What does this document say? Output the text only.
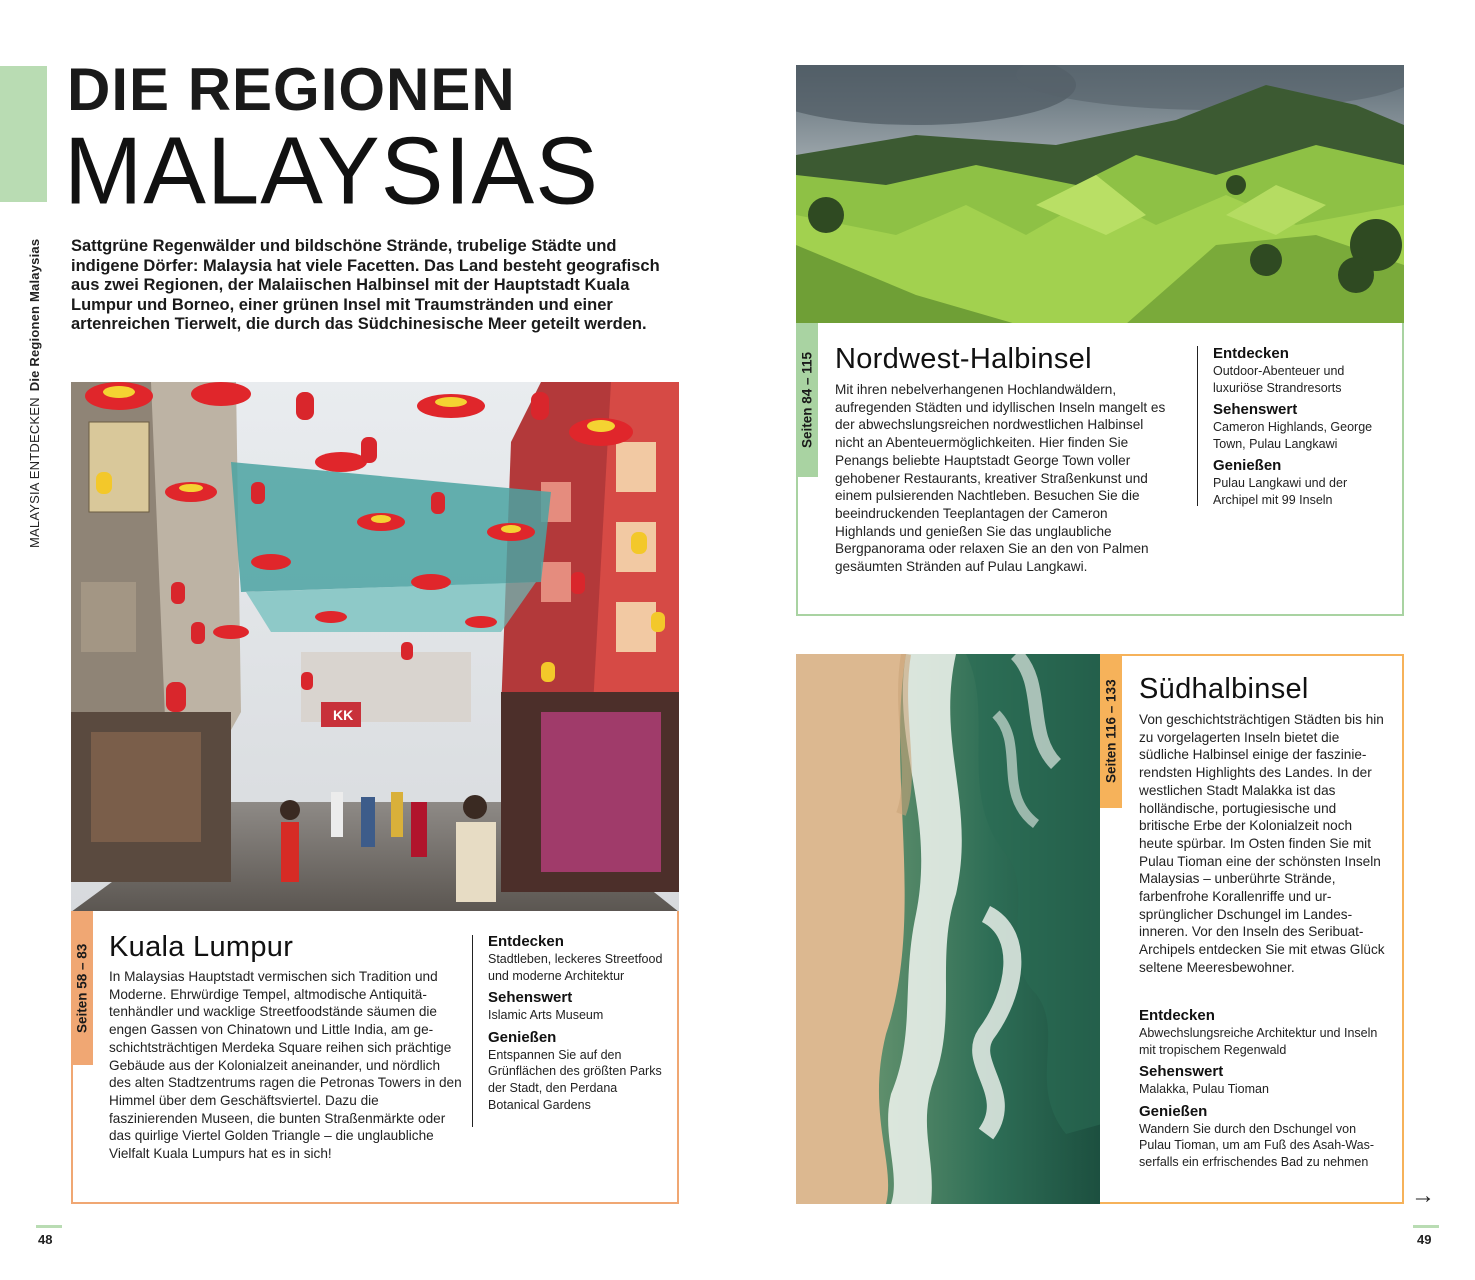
MALAYSIA ENTDECKENDie Regionen Malaysias
DIE REGIONEN
MALAYSIAS
Sattgrüne Regenwälder und bildschöne Strände, trubelige Städte und indigene Dörfer: Malaysia hat viele Facetten. Das Land besteht geografisch aus zwei Regionen, der Malaiischen Halbinsel mit der Hauptstadt Kuala Lumpur und Borneo, einer grünen Insel mit Traumstränden und einer artenreichen Tierwelt, die durch das Südchinesische Meer geteilt werden.
KK
Seiten 58 – 83 Kuala Lumpur
In Malaysias Hauptstadt vermischen sich Tradition und Moderne. Ehrwürdige Tempel, altmodische Antiquitätenhändler und wacklige Streetfoodstände säumen die engen Gassen von Chinatown und Little India, am geschichtsträchtigen Merdeka Square reihen sich prächtige Gebäude aus der Kolonialzeit aneinander, und nördlich des alten Stadtzentrums ragen die Petronas Towers in den Himmel über dem Geschäftsviertel. Dazu die faszinierenden Museen, die bunten Straßenmärkte oder das quirlige Viertel Golden Triangle – die unglaubliche Vielfalt Kuala Lumpurs hat es in sich!
Entdecken
Stadtleben, leckeres Streetfood und moderne Architektur
Sehenswert
Islamic Arts Museum
Genießen
Entspannen Sie auf den Grünflächen des größten Parks der Stadt, den Perdana Botanical Gardens
Seiten 84 – 115 Nordwest-Halbinsel
Mit ihren nebelverhangenen Hochlandwäldern, aufregenden Städten und idyllischen Inseln mangelt es der abwechslungsreichen nordwestlichen Halbinsel nicht an Abenteuermöglichkeiten. Hier finden Sie Penangs beliebte Hauptstadt George Town voller gehobener Restaurants, kreativer Straßenkunst und einem pulsierenden Nachtleben. Besuchen Sie die beeindruckenden Teeplantagen der Cameron Highlands und genießen Sie das unglaubliche Bergpanorama oder relaxen Sie an den von Palmen gesäumten Stränden auf Pulau Langkawi.
Entdecken
Outdoor-Abenteuer und luxuriöse Strandresorts
Sehenswert
Cameron Highlands, George Town, Pulau Langkawi
Genießen
Pulau Langkawi und der Archipel mit 99 Inseln
Seiten 116 – 133 Südhalbinsel
Von geschichtsträchtigen Städten bis hin zu vorgelagerten Inseln bietet die südliche Halbinsel einige der faszinierendsten Highlights des Landes. In der westlichen Stadt Malakka ist das holländische, portugiesische und britische Erbe der Kolonialzeit noch heute spürbar. Im Osten finden Sie mit Pulau Tioman eine der schönsten Inseln Malaysias – unberührte Strände, farbenfrohe Korallenriffe und ursprünglicher Dschungel im Landesinneren. Vor den Inseln des Seribuat-Archipels entdecken Sie mit etwas Glück seltene Meeresbewohner.
Entdecken
Abwechslungsreiche Architektur und Inseln mit tropischem Regenwald
Sehenswert
Malakka, Pulau Tioman
Genießen
Wandern Sie durch den Dschungel von Pulau Tioman, um am Fuß des Asah-Wasserfalls ein erfrischendes Bad zu nehmen
→
48	49
